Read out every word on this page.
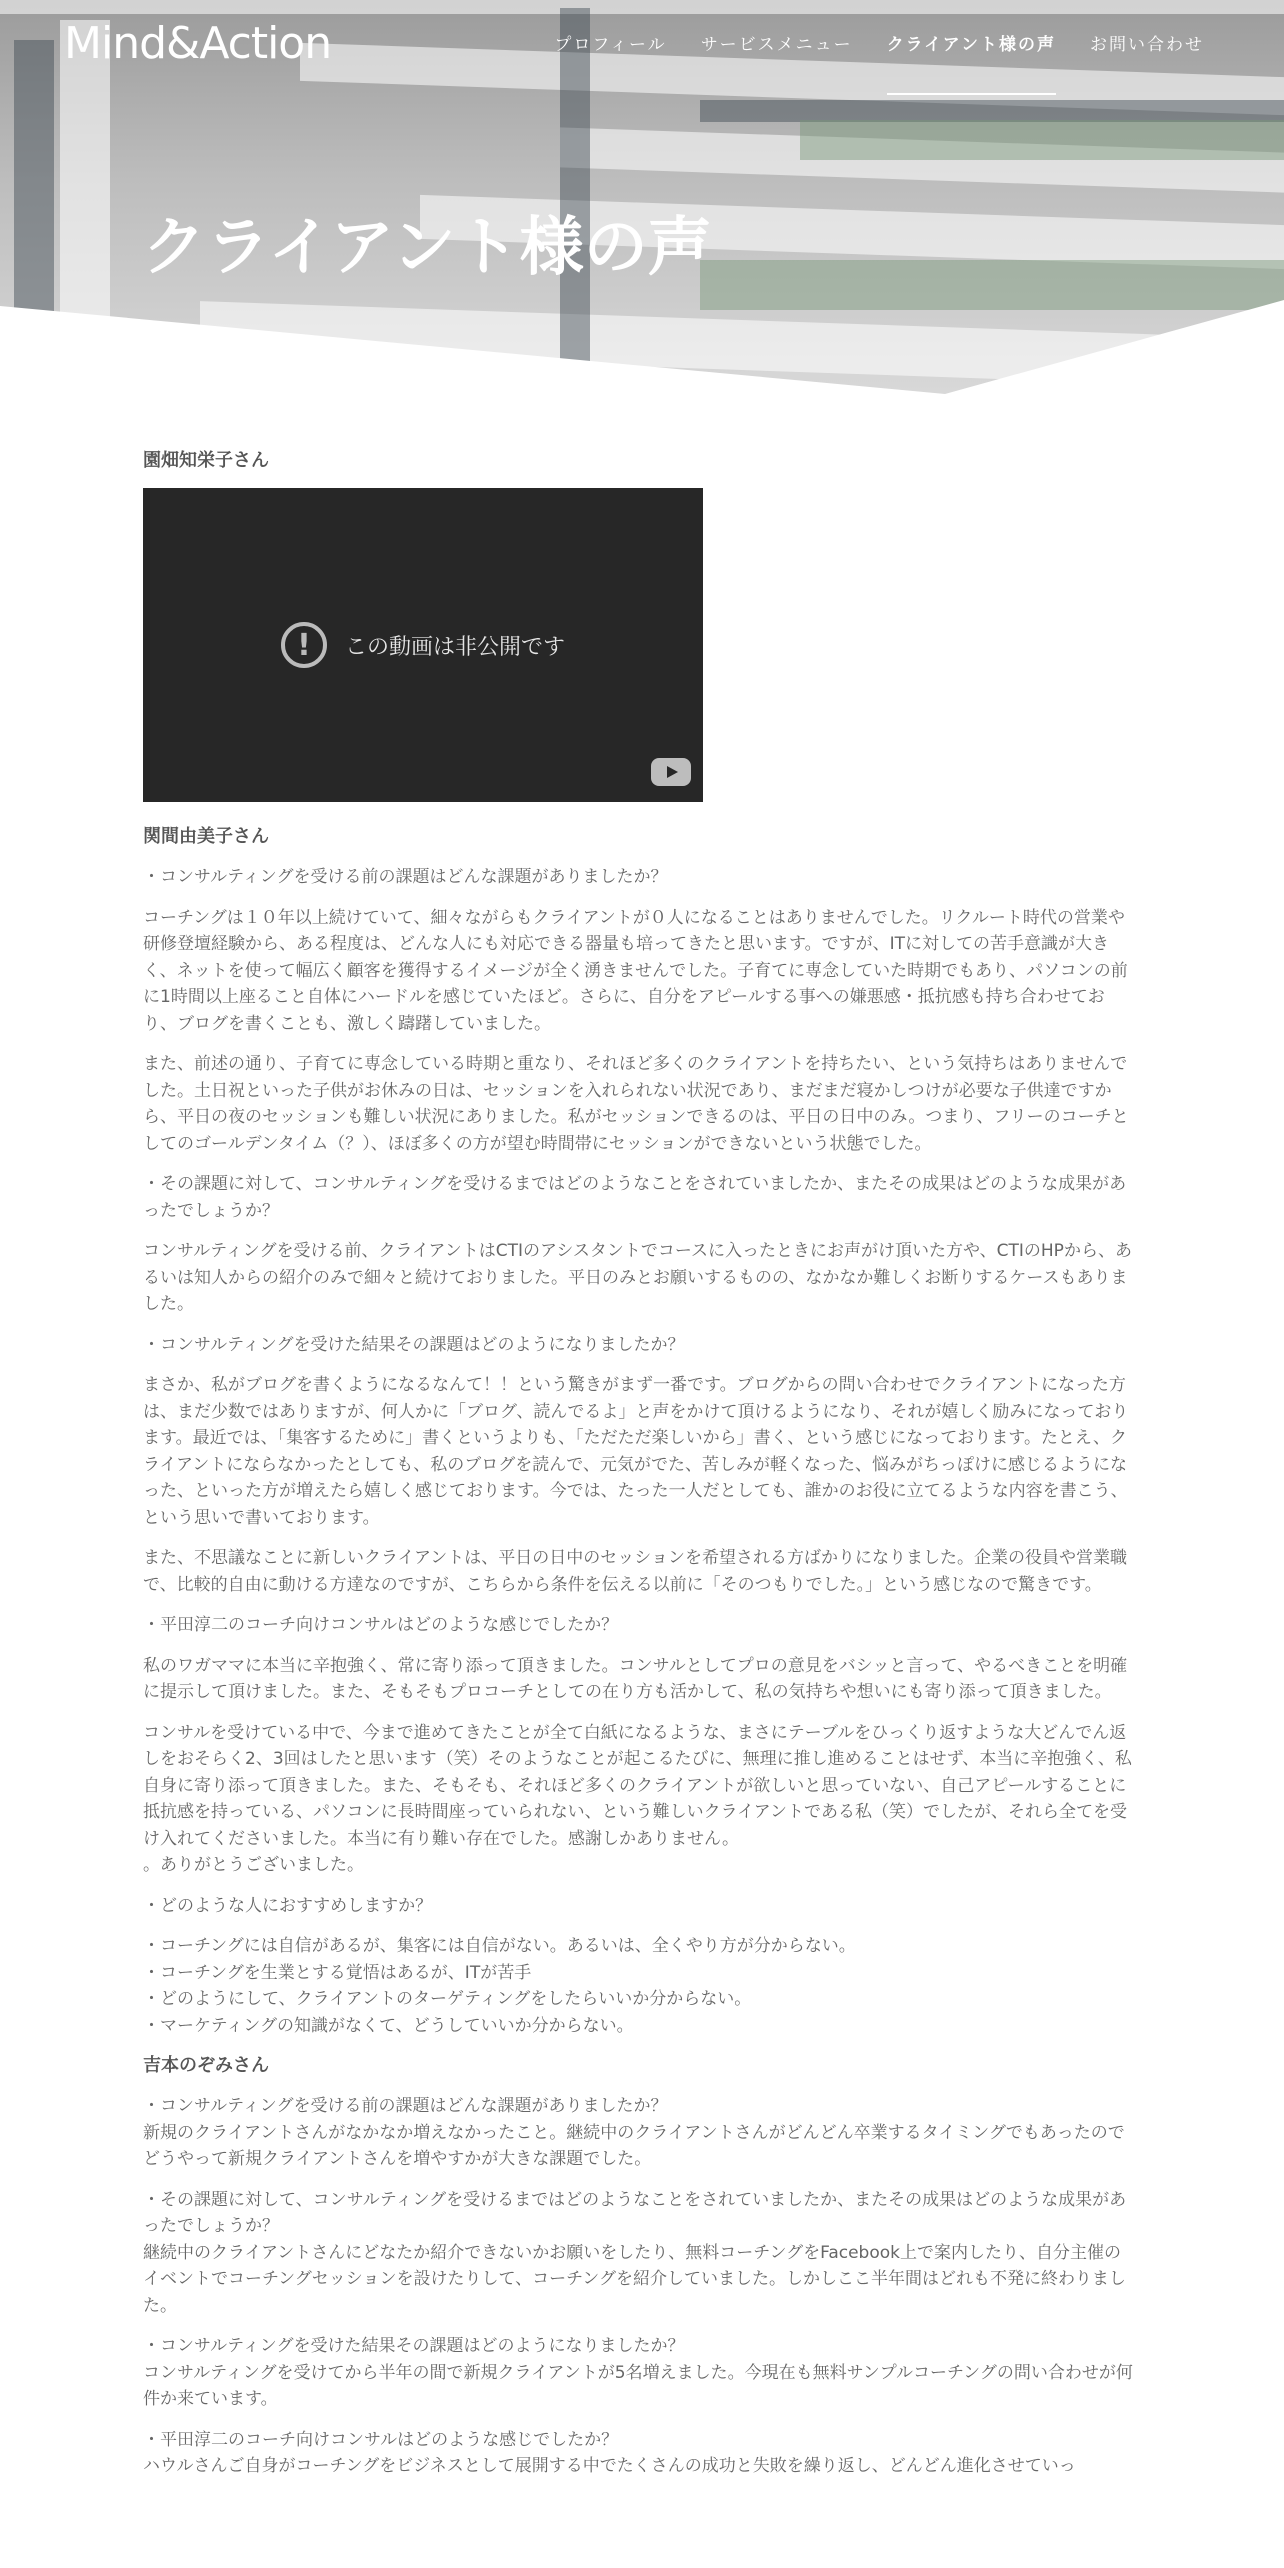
Mind&Action	プロフィール サービスメニュー クライアント様の声 お問い合わせ
クライアント様の声
園畑知栄子さん
!	この動画は非公開です
関間由美子さん

・コンサルティングを受ける前の課題はどんな課題がありましたか？

コーチングは１０年以上続けていて、細々ながらもクライアントが０人になることはありませんでした。リクルート時代の営業や研修登壇経験から、ある程度は、どんな人にも対応できる器量も培ってきたと思います。ですが、ITに対しての苦手意識が大きく、ネットを使って幅広く顧客を獲得するイメージが全く湧きませんでした。子育てに専念していた時期でもあり、パソコンの前に1時間以上座ること自体にハードルを感じていたほど。さらに、自分をアピールする事への嫌悪感・抵抗感も持ち合わせており、ブログを書くことも、激しく躊躇していました。

また、前述の通り、子育てに専念している時期と重なり、それほど多くのクライアントを持ちたい、という気持ちはありませんでした。土日祝といった子供がお休みの日は、セッションを入れられない状況であり、まだまだ寝かしつけが必要な子供達ですから、平日の夜のセッションも難しい状況にありました。私がセッションできるのは、平日の日中のみ。つまり、フリーのコーチとしてのゴールデンタイム（？）、ほぼ多くの方が望む時間帯にセッションができないという状態でした。

・その課題に対して、コンサルティングを受けるまではどのようなことをされていましたか、またその成果はどのような成果があったでしょうか？

コンサルティングを受ける前、クライアントはCTIのアシスタントでコースに入ったときにお声がけ頂いた方や、CTIのHPから、あるいは知人からの紹介のみで細々と続けておりました。平日のみとお願いするものの、なかなか難しくお断りするケースもありました。

・コンサルティングを受けた結果その課題はどのようになりましたか？

まさか、私がブログを書くようになるなんて！！という驚きがまず一番です。ブログからの問い合わせでクライアントになった方は、まだ少数ではありますが、何人かに「ブログ、読んでるよ」と声をかけて頂けるようになり、それが嬉しく励みになっております。最近では、「集客するために」書くというよりも、「ただただ楽しいから」書く、という感じになっております。たとえ、クライアントにならなかったとしても、私のブログを読んで、元気がでた、苦しみが軽くなった、悩みがちっぽけに感じるようになった、といった方が増えたら嬉しく感じております。今では、たった一人だとしても、誰かのお役に立てるような内容を書こう、という思いで書いております。

また、不思議なことに新しいクライアントは、平日の日中のセッションを希望される方ばかりになりました。企業の役員や営業職で、比較的自由に動ける方達なのですが、こちらから条件を伝える以前に「そのつもりでした。」という感じなので驚きです。

・平田淳二のコーチ向けコンサルはどのような感じでしたか？

私のワガママに本当に辛抱強く、常に寄り添って頂きました。コンサルとしてプロの意見をバシッと言って、やるべきことを明確に提示して頂けました。また、そもそもプロコーチとしての在り方も活かして、私の気持ちや想いにも寄り添って頂きました。

コンサルを受けている中で、今まで進めてきたことが全て白紙になるような、まさにテーブルをひっくり返すような大どんでん返しをおそらく2、3回はしたと思います（笑）そのようなことが起こるたびに、無理に推し進めることはせず、本当に辛抱強く、私自身に寄り添って頂きました。また、そもそも、それほど多くのクライアントが欲しいと思っていない、自己アピールすることに抵抗感を持っている、パソコンに長時間座っていられない、という難しいクライアントである私（笑）でしたが、それら全てを受け入れてくださいました。本当に有り難い存在でした。感謝しかありません。
。ありがとうございました。

・どのような人におすすめしますか？

・コーチングには自信があるが、集客には自信がない。あるいは、全くやり方が分からない。
・コーチングを生業とする覚悟はあるが、ITが苦手
・どのようにして、クライアントのターゲティングをしたらいいか分からない。
・マーケティングの知識がなくて、どうしていいか分からない。

吉本のぞみさん

・コンサルティングを受ける前の課題はどんな課題がありましたか？
新規のクライアントさんがなかなか増えなかったこと。継続中のクライアントさんがどんどん卒業するタイミングでもあったのでどうやって新規クライアントさんを増やすかが大きな課題でした。

・その課題に対して、コンサルティングを受けるまではどのようなことをされていましたか、またその成果はどのような成果があったでしょうか？
継続中のクライアントさんにどなたか紹介できないかお願いをしたり、無料コーチングをFacebook上で案内したり、自分主催のイベントでコーチングセッションを設けたりして、コーチングを紹介していました。しかしここ半年間はどれも不発に終わりました。

・コンサルティングを受けた結果その課題はどのようになりましたか？
コンサルティングを受けてから半年の間で新規クライアントが5名増えました。今現在も無料サンプルコーチングの問い合わせが何件か来ています。

・平田淳二のコーチ向けコンサルはどのような感じでしたか？
ハウルさんご自身がコーチングをビジネスとして展開する中でたくさんの成功と失敗を繰り返し、どんどん進化させていっ
